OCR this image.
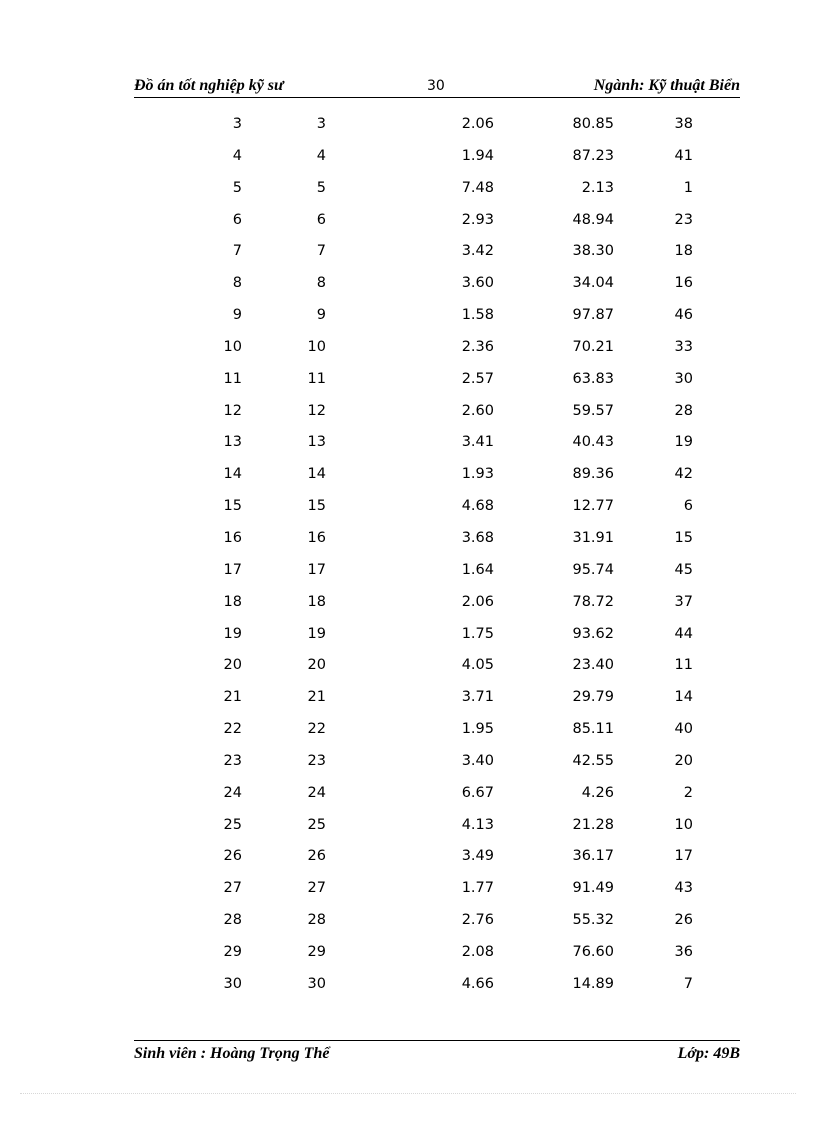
Đồ án tốt nghiệp kỹ sư	30	Ngành: Kỹ thuật Biển
3	3	2.06	80.85	38
4	4	1.94	87.23	41
5	5	7.48	2.13	1
6	6	2.93	48.94	23
7	7	3.42	38.30	18
8	8	3.60	34.04	16
9	9	1.58	97.87	46
10	10	2.36	70.21	33
11	11	2.57	63.83	30
12	12	2.60	59.57	28
13	13	3.41	40.43	19
14	14	1.93	89.36	42
15	15	4.68	12.77	6
16	16	3.68	31.91	15
17	17	1.64	95.74	45
18	18	2.06	78.72	37
19	19	1.75	93.62	44
20	20	4.05	23.40	11
21	21	3.71	29.79	14
22	22	1.95	85.11	40
23	23	3.40	42.55	20
24	24	6.67	4.26	2
25	25	4.13	21.28	10
26	26	3.49	36.17	17
27	27	1.77	91.49	43
28	28	2.76	55.32	26
29	29	2.08	76.60	36
30	30	4.66	14.89	7
Sinh viên : Hoàng Trọng Thể	Lớp: 49B
